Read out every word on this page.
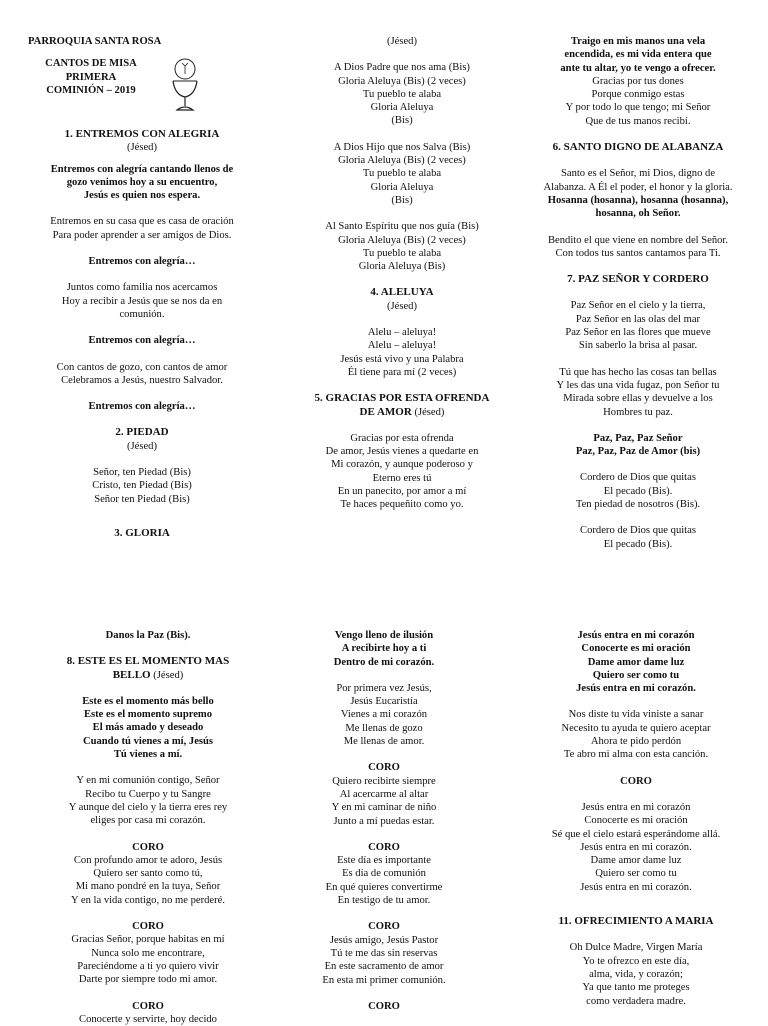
PARROQUIA SANTA ROSA

CANTOS DE MISA

PRIMERA

COMINIÓN – 2019

1. ENTREMOS CON ALEGRIA

(Jésed)

Entremos con alegría cantando llenos de

gozo venimos hoy a su encuentro,

Jesús es quien nos espera.

Entremos en su casa que es casa de oración

Para poder aprender a ser amigos de Dios.

Entremos con alegría…

Juntos como familia nos acercamos

Hoy a recibir a Jesús que se nos da en

comunión.

Entremos con alegría…

Con cantos de gozo, con cantos de amor

Celebramos a Jesús, nuestro Salvador.

Entremos con alegría…

2. PIEDAD

(Jésed)

Señor, ten Piedad (Bis)

Cristo, ten Piedad (Bis)

Señor ten Piedad (Bis)

3. GLORIA

(Jésed)

A Dios Padre que nos ama (Bis)

Gloria Aleluya (Bis) (2 veces)

Tu pueblo te alaba

Gloria Aleluya

(Bis)

A Dios Hijo que nos Salva (Bis)

Gloria Aleluya (Bis) (2 veces)

Tu pueblo te alaba

Gloria Aleluya

(Bis)

Al Santo Espíritu que nos guía (Bis)

Gloria Aleluya (Bis) (2 veces)

Tu pueblo te alaba

Gloria Aleluya (Bis)

4. ALELUYA

(Jésed)

Alelu – aleluya!

Alelu – aleluya!

Jesús está vivo y una Palabra

Él tiene para mí (2 veces)

5. GRACIAS POR ESTA OFRENDA

DE AMOR (Jésed)

Gracias por esta ofrenda

De amor, Jesús vienes a quedarte en

Mi corazón, y aunque poderoso y

Eterno eres tú

En un panecito, por amor a mí

Te haces pequeñito como yo.

Traigo en mis manos una vela

encendida, es mi vida entera que

ante tu altar, yo te vengo a ofrecer.

Gracias por tus dones

Porque conmigo estas

Y por todo lo que tengo; mi Señor

Que de tus manos recibí.

6. SANTO DIGNO DE ALABANZA

Santo es el Señor, mi Dios, digno de

Alabanza. A Él el poder, el honor y la gloria.

Hosanna (hosanna), hosanna (hosanna),

hosanna, oh Señor.

Bendito el que viene en nombre del Señor.

Con todos tus santos cantamos para Ti.

7. PAZ SEÑOR Y CORDERO

Paz Señor en el cielo y la tierra,

Paz Señor en las olas del mar

Paz Señor en las flores que mueve

Sin saberlo la brisa al pasar.

Tú que has hecho las cosas tan bellas

Y les das una vida fugaz, pon Señor tu

Mirada sobre ellas y devuelve a los

Hombres tu paz.

Paz, Paz, Paz Señor

Paz, Paz, Paz de Amor (bis)

Cordero de Dios que quitas

El pecado (Bis).

Ten piedad de nosotros (Bis).

Cordero de Dios que quitas

El pecado (Bis).

Danos la Paz (Bis).

8. ESTE ES EL MOMENTO MAS

BELLO (Jésed)

Este es el momento más bello

Este es el momento supremo

El más amado y deseado

Cuando tú vienes a mí, Jesús

Tú vienes a mí.

Y en mi comunión contigo, Señor

Recibo tu Cuerpo y tu Sangre

Y aunque del cielo y la tierra eres rey

eliges por casa mi corazón.

CORO

Con profundo amor te adoro, Jesús

Quiero ser santo como tú,

Mi mano pondré en la tuya, Señor

Y en la vida contigo, no me perderé.

CORO

Gracias Señor, porque habitas en mí

Nunca solo me encontrare,

Pareciéndome a ti yo quiero vivir

Darte por siempre todo mi amor.

CORO

Conocerte y servirte, hoy decido

Vengo lleno de ilusión

A recibirte hoy a ti

Dentro de mi corazón.

Por primera vez Jesús,

Jesús Eucaristía

Vienes a mi corazón

Me llenas de gozo

Me llenas de amor.

CORO

Quiero recibirte siempre

Al acercarme al altar

Y en mi caminar de niño

Junto a mí puedas estar.

CORO

Este día es importante

Es día de comunión

En qué quieres convertirme

En testigo de tu amor.

CORO

Jesús amigo, Jesús Pastor

Tú te me das sin reservas

En este sacramento de amor

En esta mi primer comunión.

CORO

Jesús entra en mi corazón

Conocerte es mi oración

Dame amor dame luz

Quiero ser como tu

Jesús entra en mi corazón.

Nos diste tu vida viniste a sanar

Necesito tu ayuda te quiero aceptar

Ahora te pido perdón

Te abro mi alma con esta canción.

CORO

Jesús entra en mi corazón

Conocerte es mi oración

Sé que el cielo estará esperándome allá.

Jesús entra en mi corazón.

Dame amor dame luz

Quiero ser como tu

Jesús entra en mi corazón.

11. OFRECIMIENTO A MARIA

Oh Dulce Madre, Virgen María

Yo te ofrezco en este día,

alma, vida, y corazón;

Ya que tanto me proteges

como verdadera madre.
